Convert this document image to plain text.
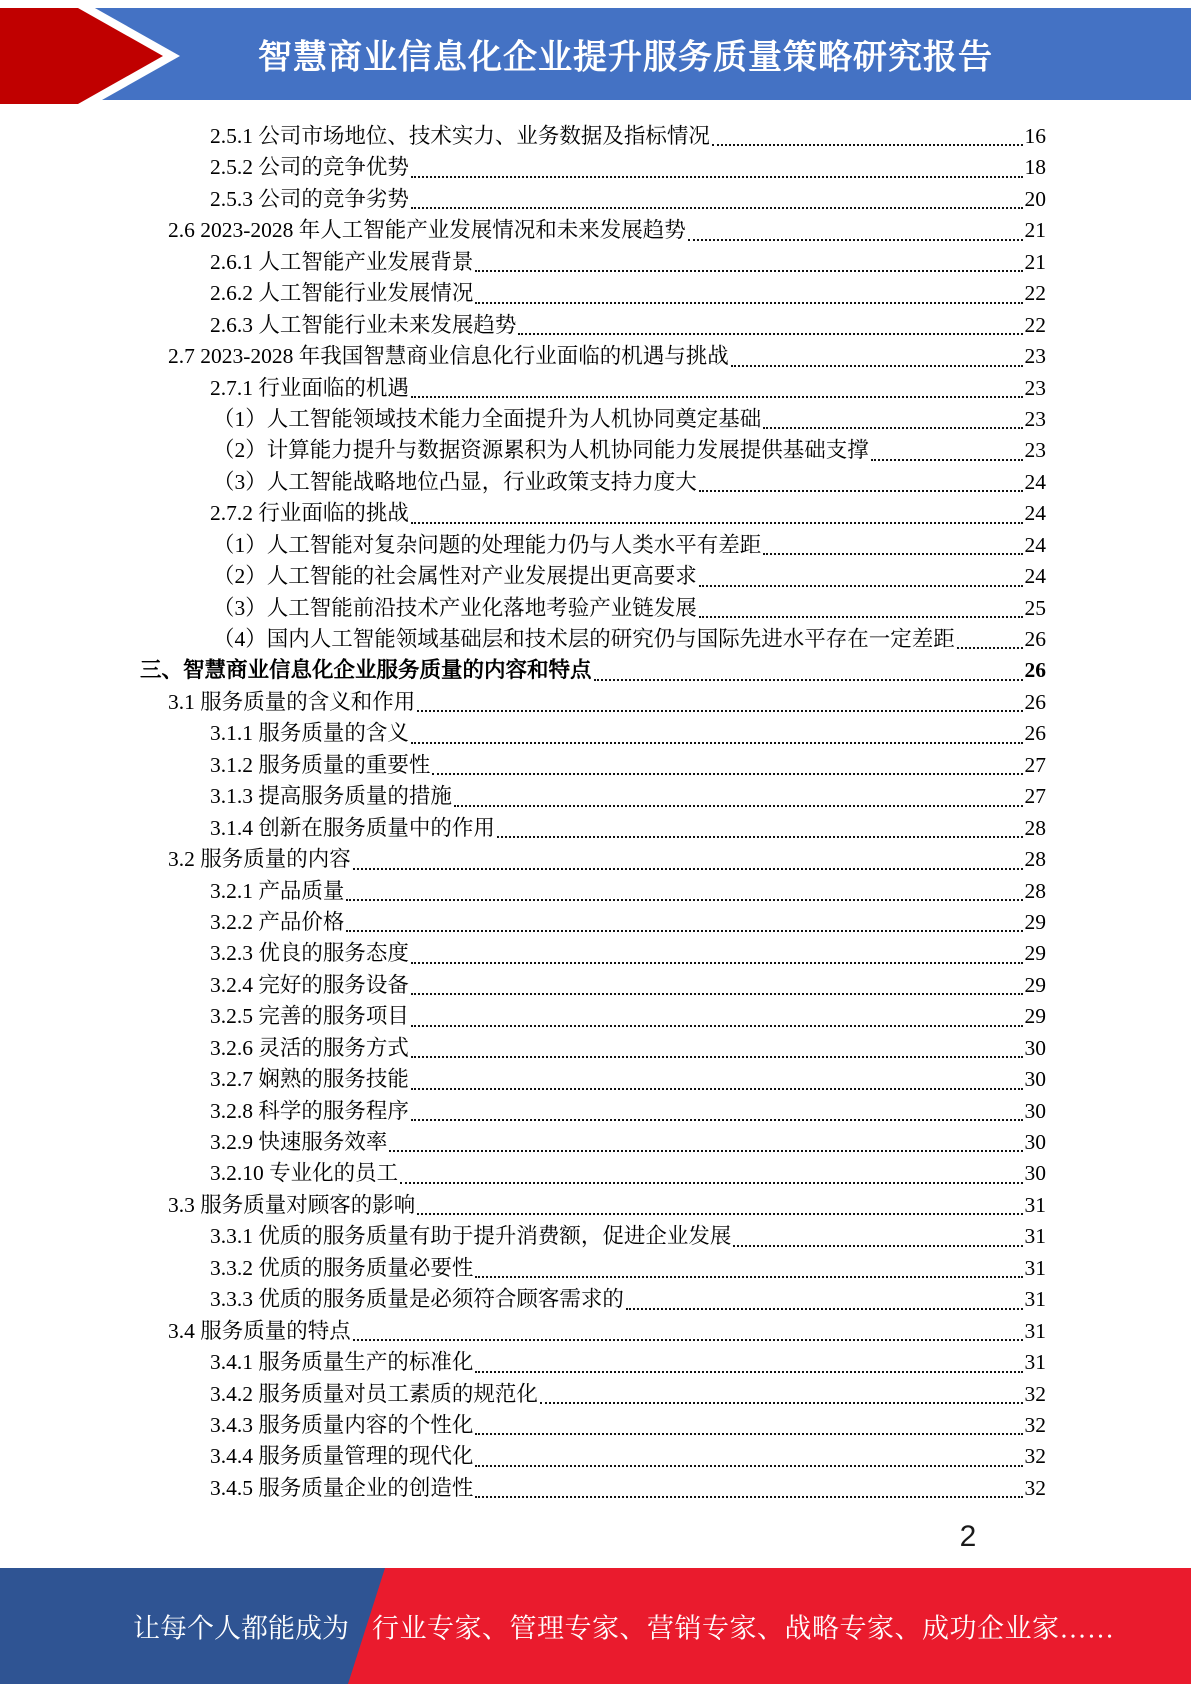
智慧商业信息化企业提升服务质量策略研究报告
2.5.1 公司市场地位、技术实力、业务数据及指标情况	16
2.5.2 公司的竞争优势	18
2.5.3 公司的竞争劣势	20
2.6 2023-2028 年人工智能产业发展情况和未来发展趋势	21
2.6.1 人工智能产业发展背景	21
2.6.2 人工智能行业发展情况	22
2.6.3 人工智能行业未来发展趋势	22
2.7 2023-2028 年我国智慧商业信息化行业面临的机遇与挑战	23
2.7.1 行业面临的机遇	23
（1）人工智能领域技术能力全面提升为人机协同奠定基础	23
（2）计算能力提升与数据资源累积为人机协同能力发展提供基础支撑	23
（3）人工智能战略地位凸显，行业政策支持力度大	24
2.7.2 行业面临的挑战	24
（1）人工智能对复杂问题的处理能力仍与人类水平有差距	24
（2）人工智能的社会属性对产业发展提出更高要求	24
（3）人工智能前沿技术产业化落地考验产业链发展	25
（4）国内人工智能领域基础层和技术层的研究仍与国际先进水平存在一定差距	26
三、智慧商业信息化企业服务质量的内容和特点	26
3.1 服务质量的含义和作用	26
3.1.1 服务质量的含义	26
3.1.2 服务质量的重要性	27
3.1.3 提高服务质量的措施	27
3.1.4 创新在服务质量中的作用	28
3.2 服务质量的内容	28
3.2.1 产品质量	28
3.2.2 产品价格	29
3.2.3 优良的服务态度	29
3.2.4 完好的服务设备	29
3.2.5 完善的服务项目	29
3.2.6 灵活的服务方式	30
3.2.7 娴熟的服务技能	30
3.2.8 科学的服务程序	30
3.2.9 快速服务效率	30
3.2.10 专业化的员工	30
3.3 服务质量对顾客的影响	31
3.3.1 优质的服务质量有助于提升消费额，促进企业发展	31
3.3.2 优质的服务质量必要性	31
3.3.3 优质的服务质量是必须符合顾客需求的	31
3.4 服务质量的特点	31
3.4.1 服务质量生产的标准化	31
3.4.2 服务质量对员工素质的规范化	32
3.4.3 服务质量内容的个性化	32
3.4.4 服务质量管理的现代化	32
3.4.5 服务质量企业的创造性	32
2
让每个人都能成为 行业专家、管理专家、营销专家、战略专家、成功企业家……
